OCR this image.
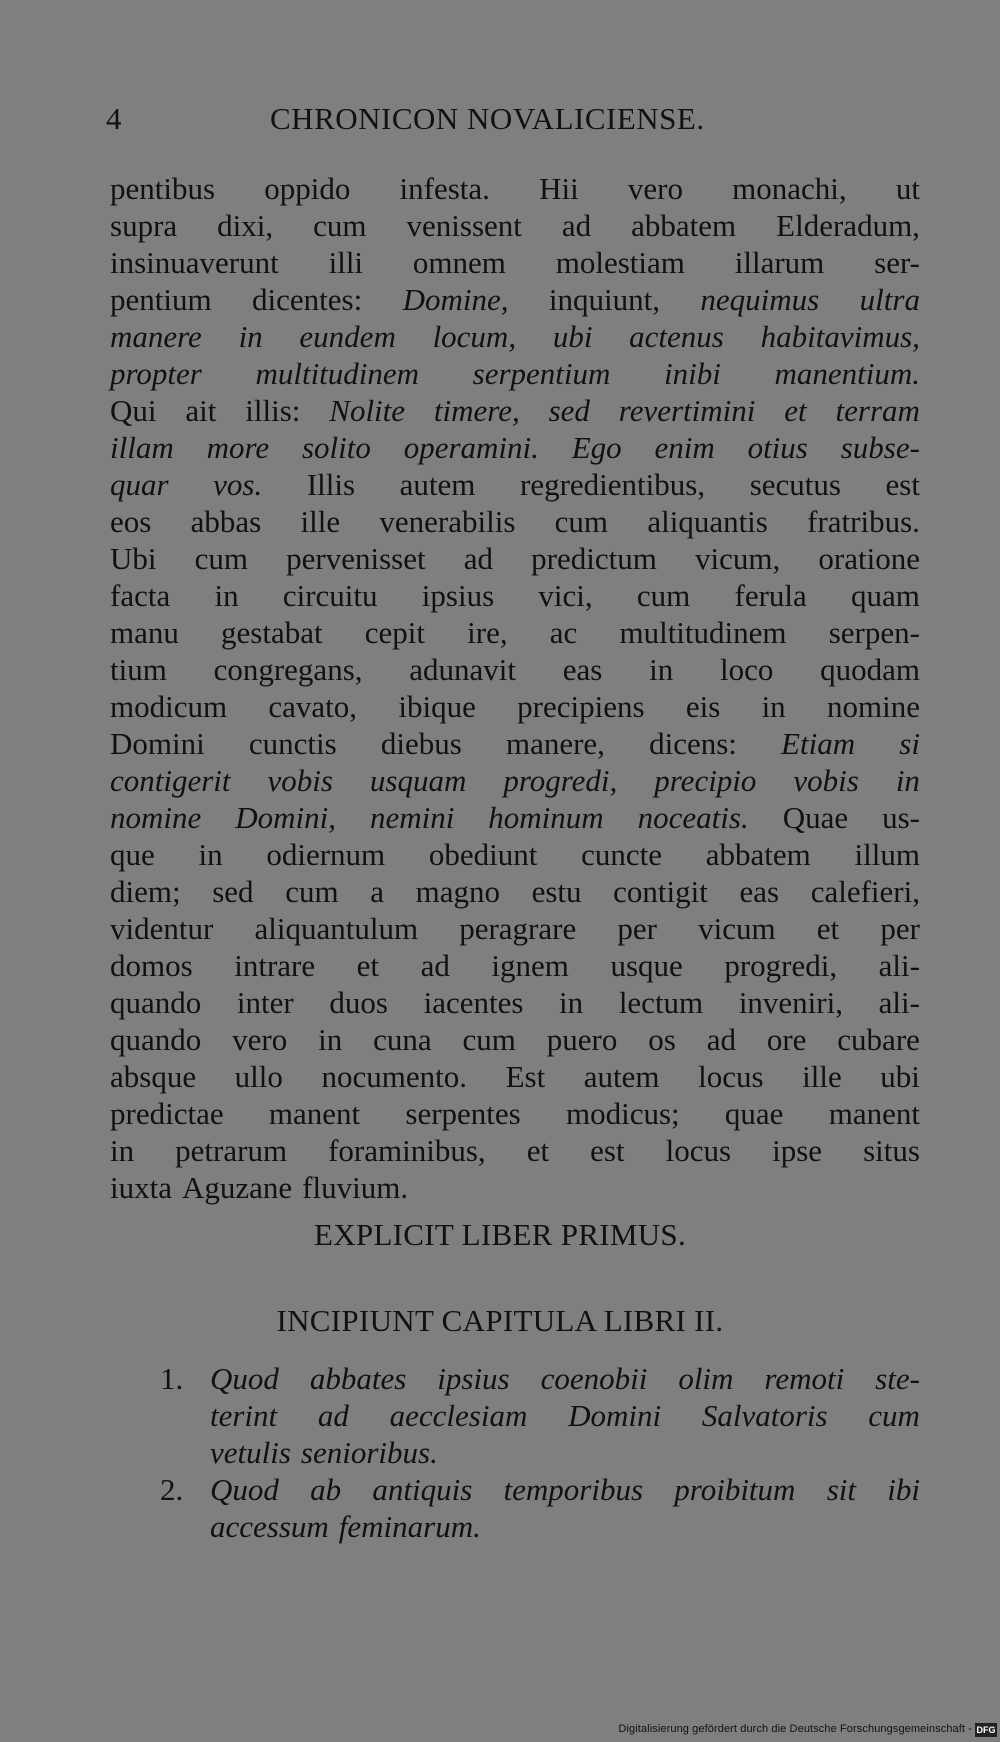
4	CHRONICON NOVALICIENSE.
pentibus oppido infesta. Hii vero monachi, ut
supra dixi, cum venissent ad abbatem Elderadum,
insinuaverunt illi omnem molestiam illarum ser-
pentium dicentes: Domine, inquiunt, nequimus ultra
manere in eundem locum, ubi actenus habitavimus,
propter multitudinem serpentium inibi manentium.
Qui ait illis: Nolite timere, sed revertimini et terram
illam more solito operamini. Ego enim otius subse-
quar vos. Illis autem regredientibus, secutus est
eos abbas ille venerabilis cum aliquantis fratribus.
Ubi cum pervenisset ad predictum vicum, oratione
facta in circuitu ipsius vici, cum ferula quam
manu gestabat cepit ire, ac multitudinem serpen-
tium congregans, adunavit eas in loco quodam
modicum cavato, ibique precipiens eis in nomine
Domini cunctis diebus manere, dicens: Etiam si
contigerit vobis usquam progredi, precipio vobis in
nomine Domini, nemini hominum noceatis. Quae us-
que in odiernum obediunt cuncte abbatem illum
diem; sed cum a magno estu contigit eas calefieri,
videntur aliquantulum peragrare per vicum et per
domos intrare et ad ignem usque progredi, ali-
quando inter duos iacentes in lectum inveniri, ali-
quando vero in cuna cum puero os ad ore cubare
absque ullo nocumento. Est autem locus ille ubi
predictae manent serpentes modicus; quae manent
in petrarum foraminibus, et est locus ipse situs
iuxta Aguzane fluvium.
EXPLICIT LIBER PRIMUS.
INCIPIUNT CAPITULA LIBRI II.
1. Quod abbates ipsius coenobii olim remoti ste-
terint ad aecclesiam Domini Salvatoris cum
vetulis senioribus.
2. Quod ab antiquis temporibus proibitum sit ibi
accessum feminarum.
Digitalisierung gefördert durch die Deutsche Forschungsgemeinschaft - DFG
